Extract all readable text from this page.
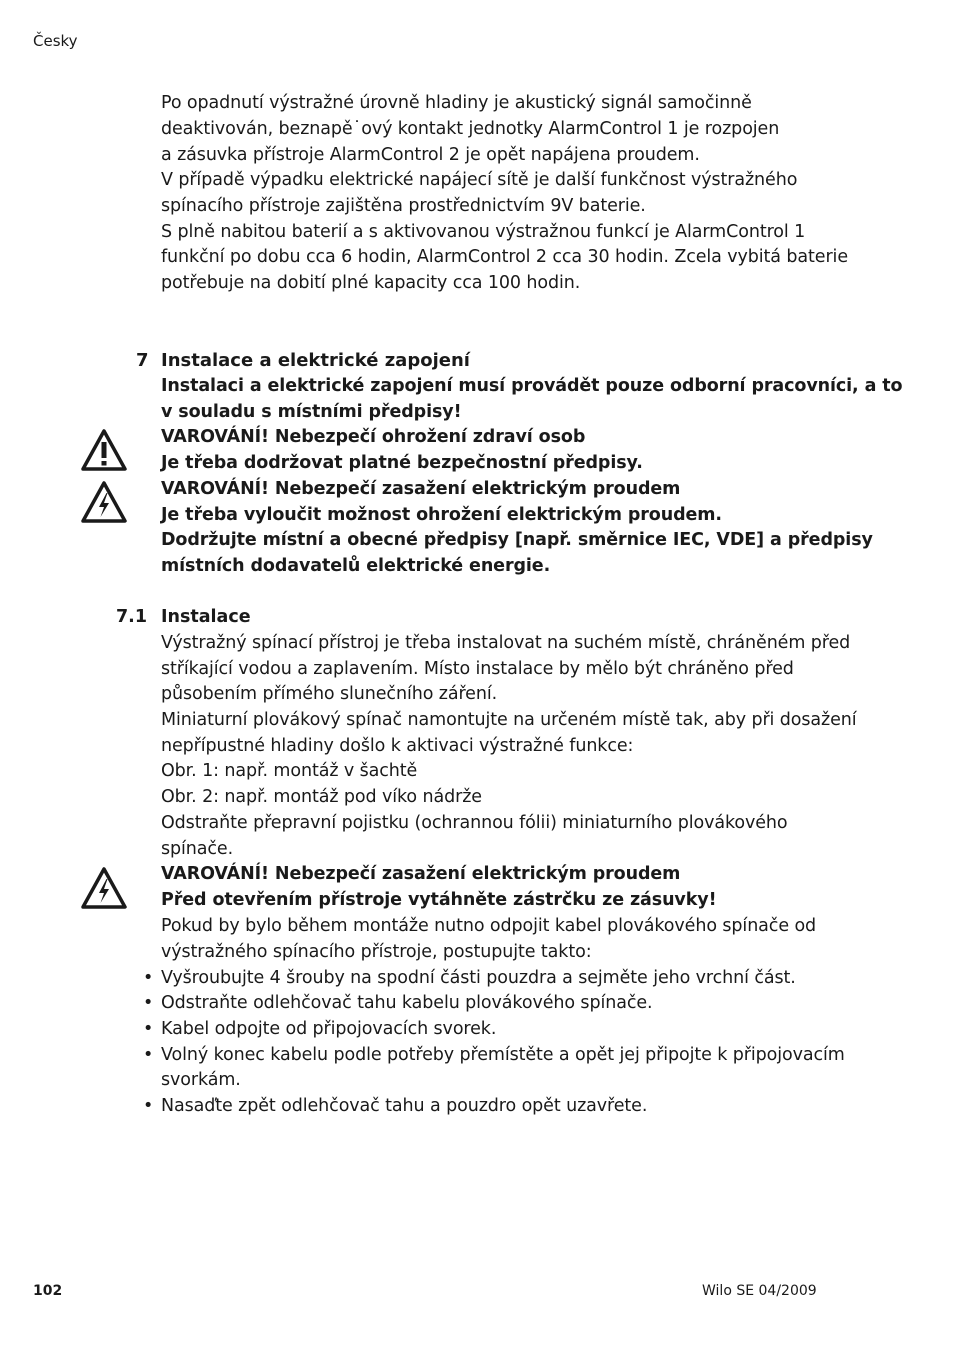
Česky
Po opadnutí výstražné úrovně hladiny je akustický signál samočinně
deaktivován, beznapě˙ový kontakt jednotky AlarmControl 1 je rozpojen
a zásuvka přístroje AlarmControl 2 je opět napájena proudem.
V případě výpadku elektrické napájecí sítě je další funkčnost výstražného
spínacího přístroje zajištěna prostřednictvím 9V baterie.
S plně nabitou baterií a s aktivovanou výstražnou funkcí je AlarmControl 1
funkční po dobu cca 6 hodin, AlarmControl 2 cca 30 hodin. Zcela vybitá baterie
potřebuje na dobití plné kapacity cca 100 hodin.
7 Instalace a elektrické zapojení
Instalaci a elektrické zapojení musí provádět pouze odborní pracovníci, a to
v souladu s místními předpisy!
VAROVÁNÍ! Nebezpečí ohrožení zdraví osob
Je třeba dodržovat platné bezpečnostní předpisy.
VAROVÁNÍ! Nebezpečí zasažení elektrickým proudem
Je třeba vyloučit možnost ohrožení elektrickým proudem.
Dodržujte místní a obecné předpisy [např. směrnice IEC, VDE] a předpisy
místních dodavatelů elektrické energie.
7.1 Instalace
Výstražný spínací přístroj je třeba instalovat na suchém místě, chráněném před
stříkající vodou a zaplavením. Místo instalace by mělo být chráněno před
působením přímého slunečního záření.
Miniaturní plovákový spínač namontujte na určeném místě tak, aby při dosažení
nepřípustné hladiny došlo k aktivaci výstražné funkce:
Obr. 1: např. montáž v šachtě
Obr. 2: např. montáž pod víko nádrže
Odstraňte přepravní pojistku (ochrannou fólii) miniaturního plovákového
spínače.
VAROVÁNÍ! Nebezpečí zasažení elektrickým proudem
Před otevřením přístroje vytáhněte zástrčku ze zásuvky!
Pokud by bylo během montáže nutno odpojit kabel plovákového spínače od
výstražného spínacího přístroje, postupujte takto:
• Vyšroubujte 4 šrouby na spodní části pouzdra a sejměte jeho vrchní část.
• Odstraňte odlehčovač tahu kabelu plovákového spínače.
• Kabel odpojte od připojovacích svorek.
• Volný konec kabelu podle potřeby přemístěte a opět jej připojte k připojovacím
svorkám.
• Nasaďte zpět odlehčovač tahu a pouzdro opět uzavřete.
102	Wilo SE 04/2009
